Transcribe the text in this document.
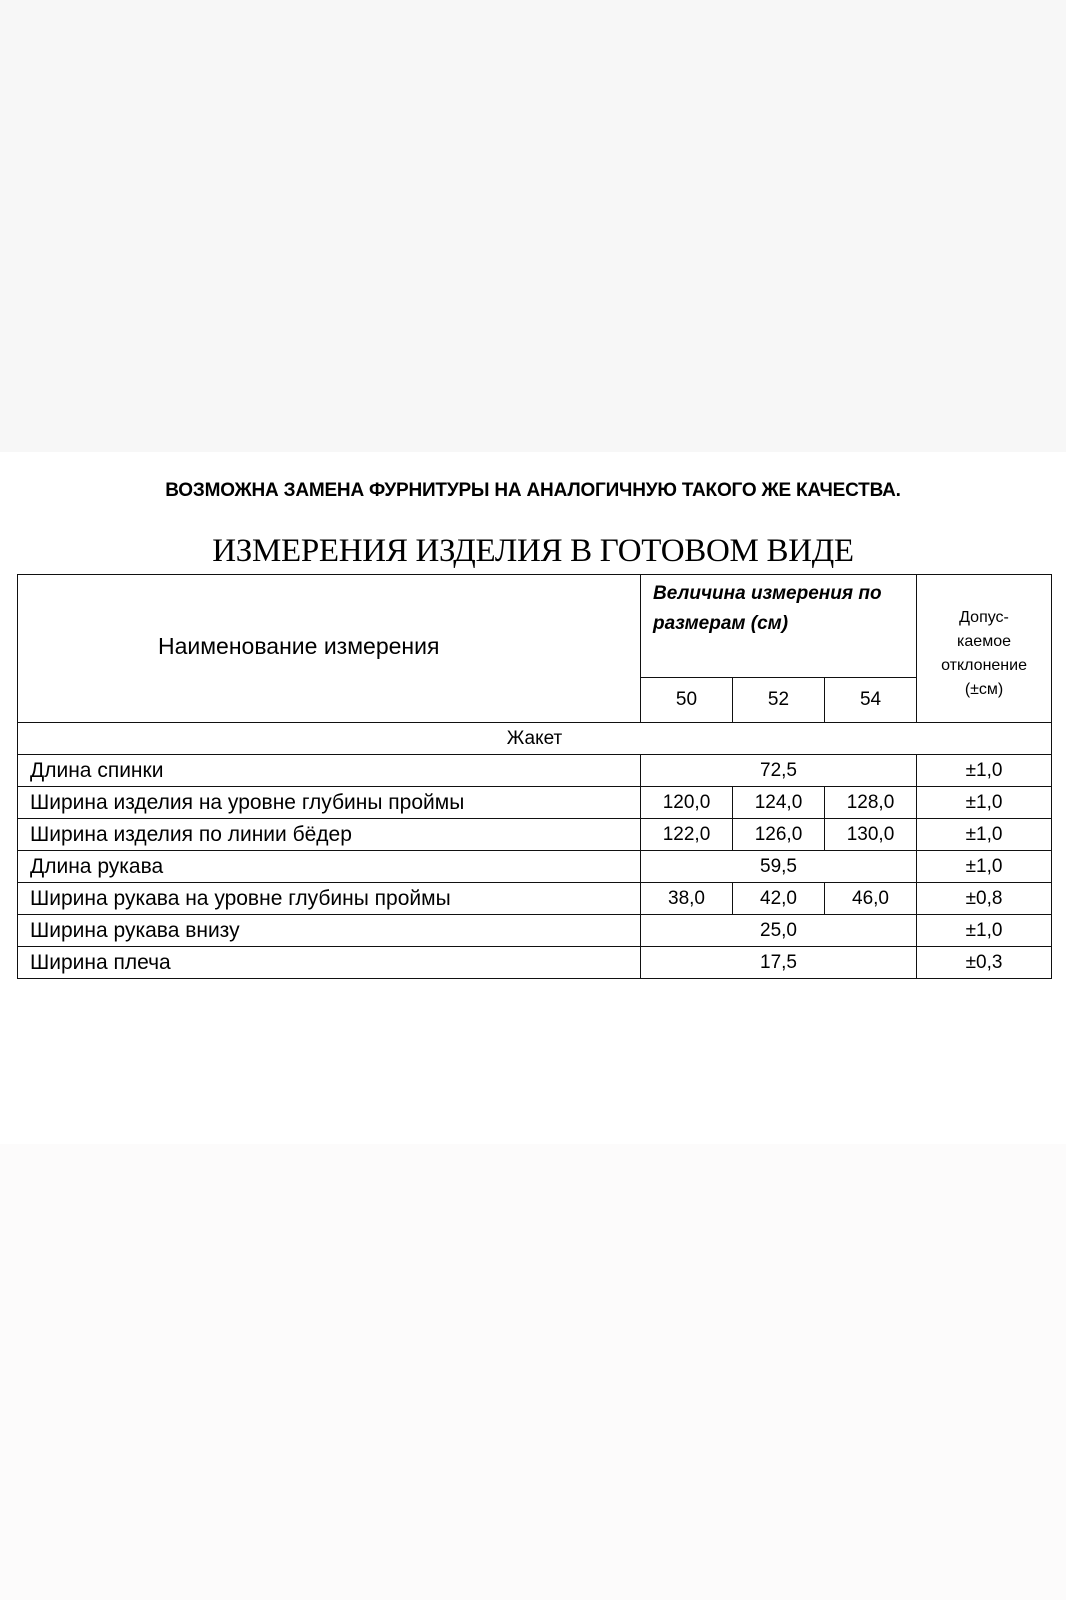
ВОЗМОЖНА ЗАМЕНА ФУРНИТУРЫ НА АНАЛОГИЧНУЮ ТАКОГО ЖЕ КАЧЕСТВА.
ИЗМЕРЕНИЯ ИЗДЕЛИЯ В ГОТОВОМ ВИДЕ
Наименование измерения	Величина измерения по размерам (см)			Допус-
каемое
отклонение
(±см)

	50	52	54	
Жакет				
Длина спинки	72,5			±1,0
Ширина изделия на уровне глубины проймы	120,0	124,0	128,0	±1,0
Ширина изделия по линии бёдер	122,0	126,0	130,0	±1,0
Длина рукава	59,5			±1,0
Ширина рукава на уровне глубины проймы	38,0	42,0	46,0	±0,8
Ширина рукава внизу	25,0			±1,0
Ширина плеча	17,5			±0,3
